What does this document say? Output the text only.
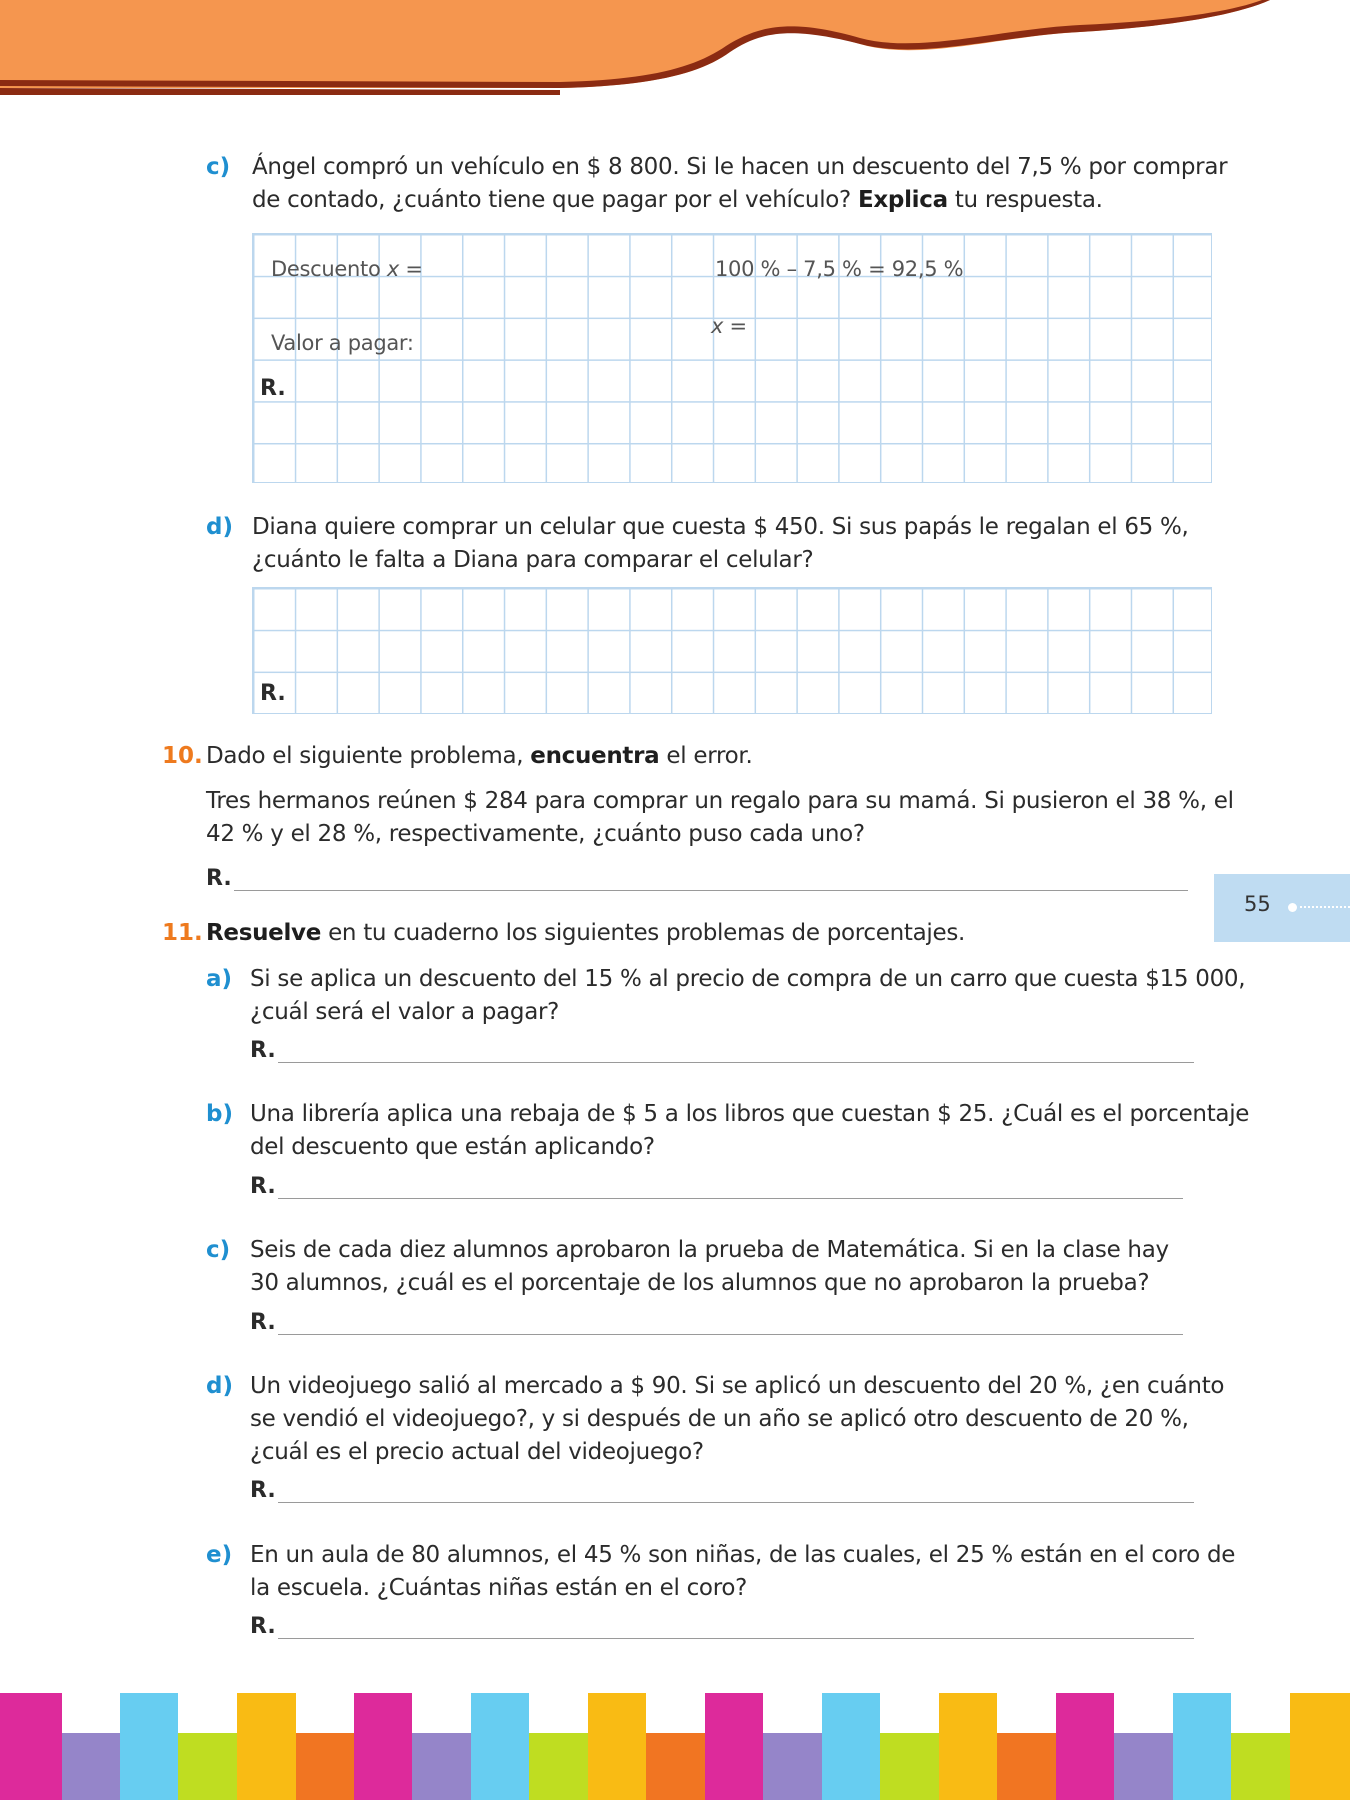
c) Ángel compró un vehículo en $ 8 800. Si le hacen un descuento del 7,5 % por comprar
de contado, ¿cuánto tiene que pagar por el vehículo? Explica tu respuesta.
Descuento x =	100 % – 7,5 % = 92,5 %
x =
Valor a pagar:
R.
d) Diana quiere comprar un celular que cuesta $ 450. Si sus papás le regalan el 65 %,
¿cuánto le falta a Diana para comparar el celular?
R.
10. Dado el siguiente problema, encuentra el error.
Tres hermanos reúnen $ 284 para comprar un regalo para su mamá. Si pusieron el 38 %, el
42 % y el 28 %, respectivamente, ¿cuánto puso cada uno?
R.
55
11. Resuelve en tu cuaderno los siguientes problemas de porcentajes.
a) Si se aplica un descuento del 15 % al precio de compra de un carro que cuesta $15 000,
¿cuál será el valor a pagar?
R.
b) Una librería aplica una rebaja de $ 5 a los libros que cuestan $ 25. ¿Cuál es el porcentaje
del descuento que están aplicando?
R.
c) Seis de cada diez alumnos aprobaron la prueba de Matemática. Si en la clase hay
30 alumnos, ¿cuál es el porcentaje de los alumnos que no aprobaron la prueba?
R.
d) Un videojuego salió al mercado a $ 90. Si se aplicó un descuento del 20 %, ¿en cuánto
se vendió el videojuego?, y si después de un año se aplicó otro descuento de 20 %,
¿cuál es el precio actual del videojuego?
R.
e) En un aula de 80 alumnos, el 45 % son niñas, de las cuales, el 25 % están en el coro de
la escuela. ¿Cuántas niñas están en el coro?
R.
